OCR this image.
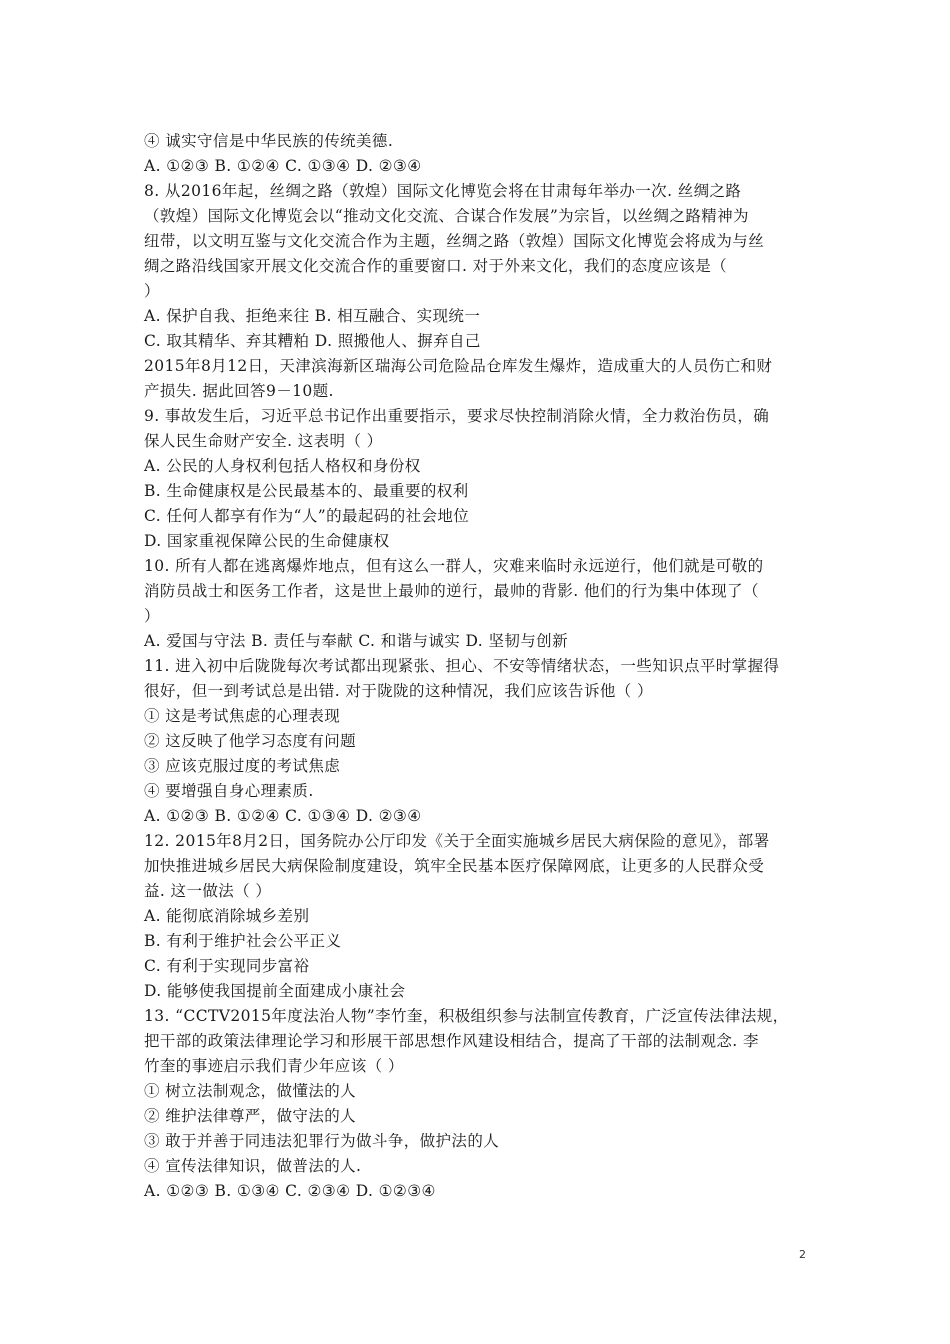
④ 诚实守信是中华民族的传统美德.
A. ①②③ B. ①②④ C. ①③④ D. ②③④
8. 从2016年起，丝绸之路（敦煌）国际文化博览会将在甘肃每年举办一次. 丝绸之路
（敦煌）国际文化博览会以“推动文化交流、合谋合作发展”为宗旨，以丝绸之路精神为
纽带，以文明互鉴与文化交流合作为主题，丝绸之路（敦煌）国际文化博览会将成为与丝
绸之路沿线国家开展文化交流合作的重要窗口. 对于外来文化，我们的态度应该是（
）
A. 保护自我、拒绝来往 B. 相互融合、实现统一
C. 取其精华、弃其糟粕 D. 照搬他人、摒弃自己
2015年8月12日，天津滨海新区瑞海公司危险品仓库发生爆炸，造成重大的人员伤亡和财
产损失. 据此回答9－10题.
9. 事故发生后，习近平总书记作出重要指示，要求尽快控制消除火情，全力救治伤员，确
保人民生命财产安全. 这表明（ ）
A. 公民的人身权利包括人格权和身份权
B. 生命健康权是公民最基本的、最重要的权利
C. 任何人都享有作为“人”的最起码的社会地位
D. 国家重视保障公民的生命健康权
10. 所有人都在逃离爆炸地点，但有这么一群人，灾难来临时永远逆行，他们就是可敬的
消防员战士和医务工作者，这是世上最帅的逆行，最帅的背影. 他们的行为集中体现了（
）
A. 爱国与守法 B. 责任与奉献 C. 和谐与诚实 D. 坚韧与创新
11. 进入初中后陇陇每次考试都出现紧张、担心、不安等情绪状态，一些知识点平时掌握得
很好，但一到考试总是出错. 对于陇陇的这种情况，我们应该告诉他（ ）
① 这是考试焦虑的心理表现
② 这反映了他学习态度有问题
③ 应该克服过度的考试焦虑
④ 要增强自身心理素质.
A. ①②③ B. ①②④ C. ①③④ D. ②③④
12. 2015年8月2日，国务院办公厅印发《关于全面实施城乡居民大病保险的意见》，部署
加快推进城乡居民大病保险制度建设，筑牢全民基本医疗保障网底，让更多的人民群众受
益. 这一做法（ ）
A. 能彻底消除城乡差别
B. 有利于维护社会公平正义
C. 有利于实现同步富裕
D. 能够使我国提前全面建成小康社会
13. “CCTV2015年度法治人物”李竹奎，积极组织参与法制宣传教育，广泛宣传法律法规，
把干部的政策法律理论学习和形展干部思想作风建设相结合，提高了干部的法制观念. 李
竹奎的事迹启示我们青少年应该（ ）
① 树立法制观念，做懂法的人
② 维护法律尊严，做守法的人
③ 敢于并善于同违法犯罪行为做斗争，做护法的人
④ 宣传法律知识，做普法的人.
A. ①②③ B. ①③④ C. ②③④ D. ①②③④
2
